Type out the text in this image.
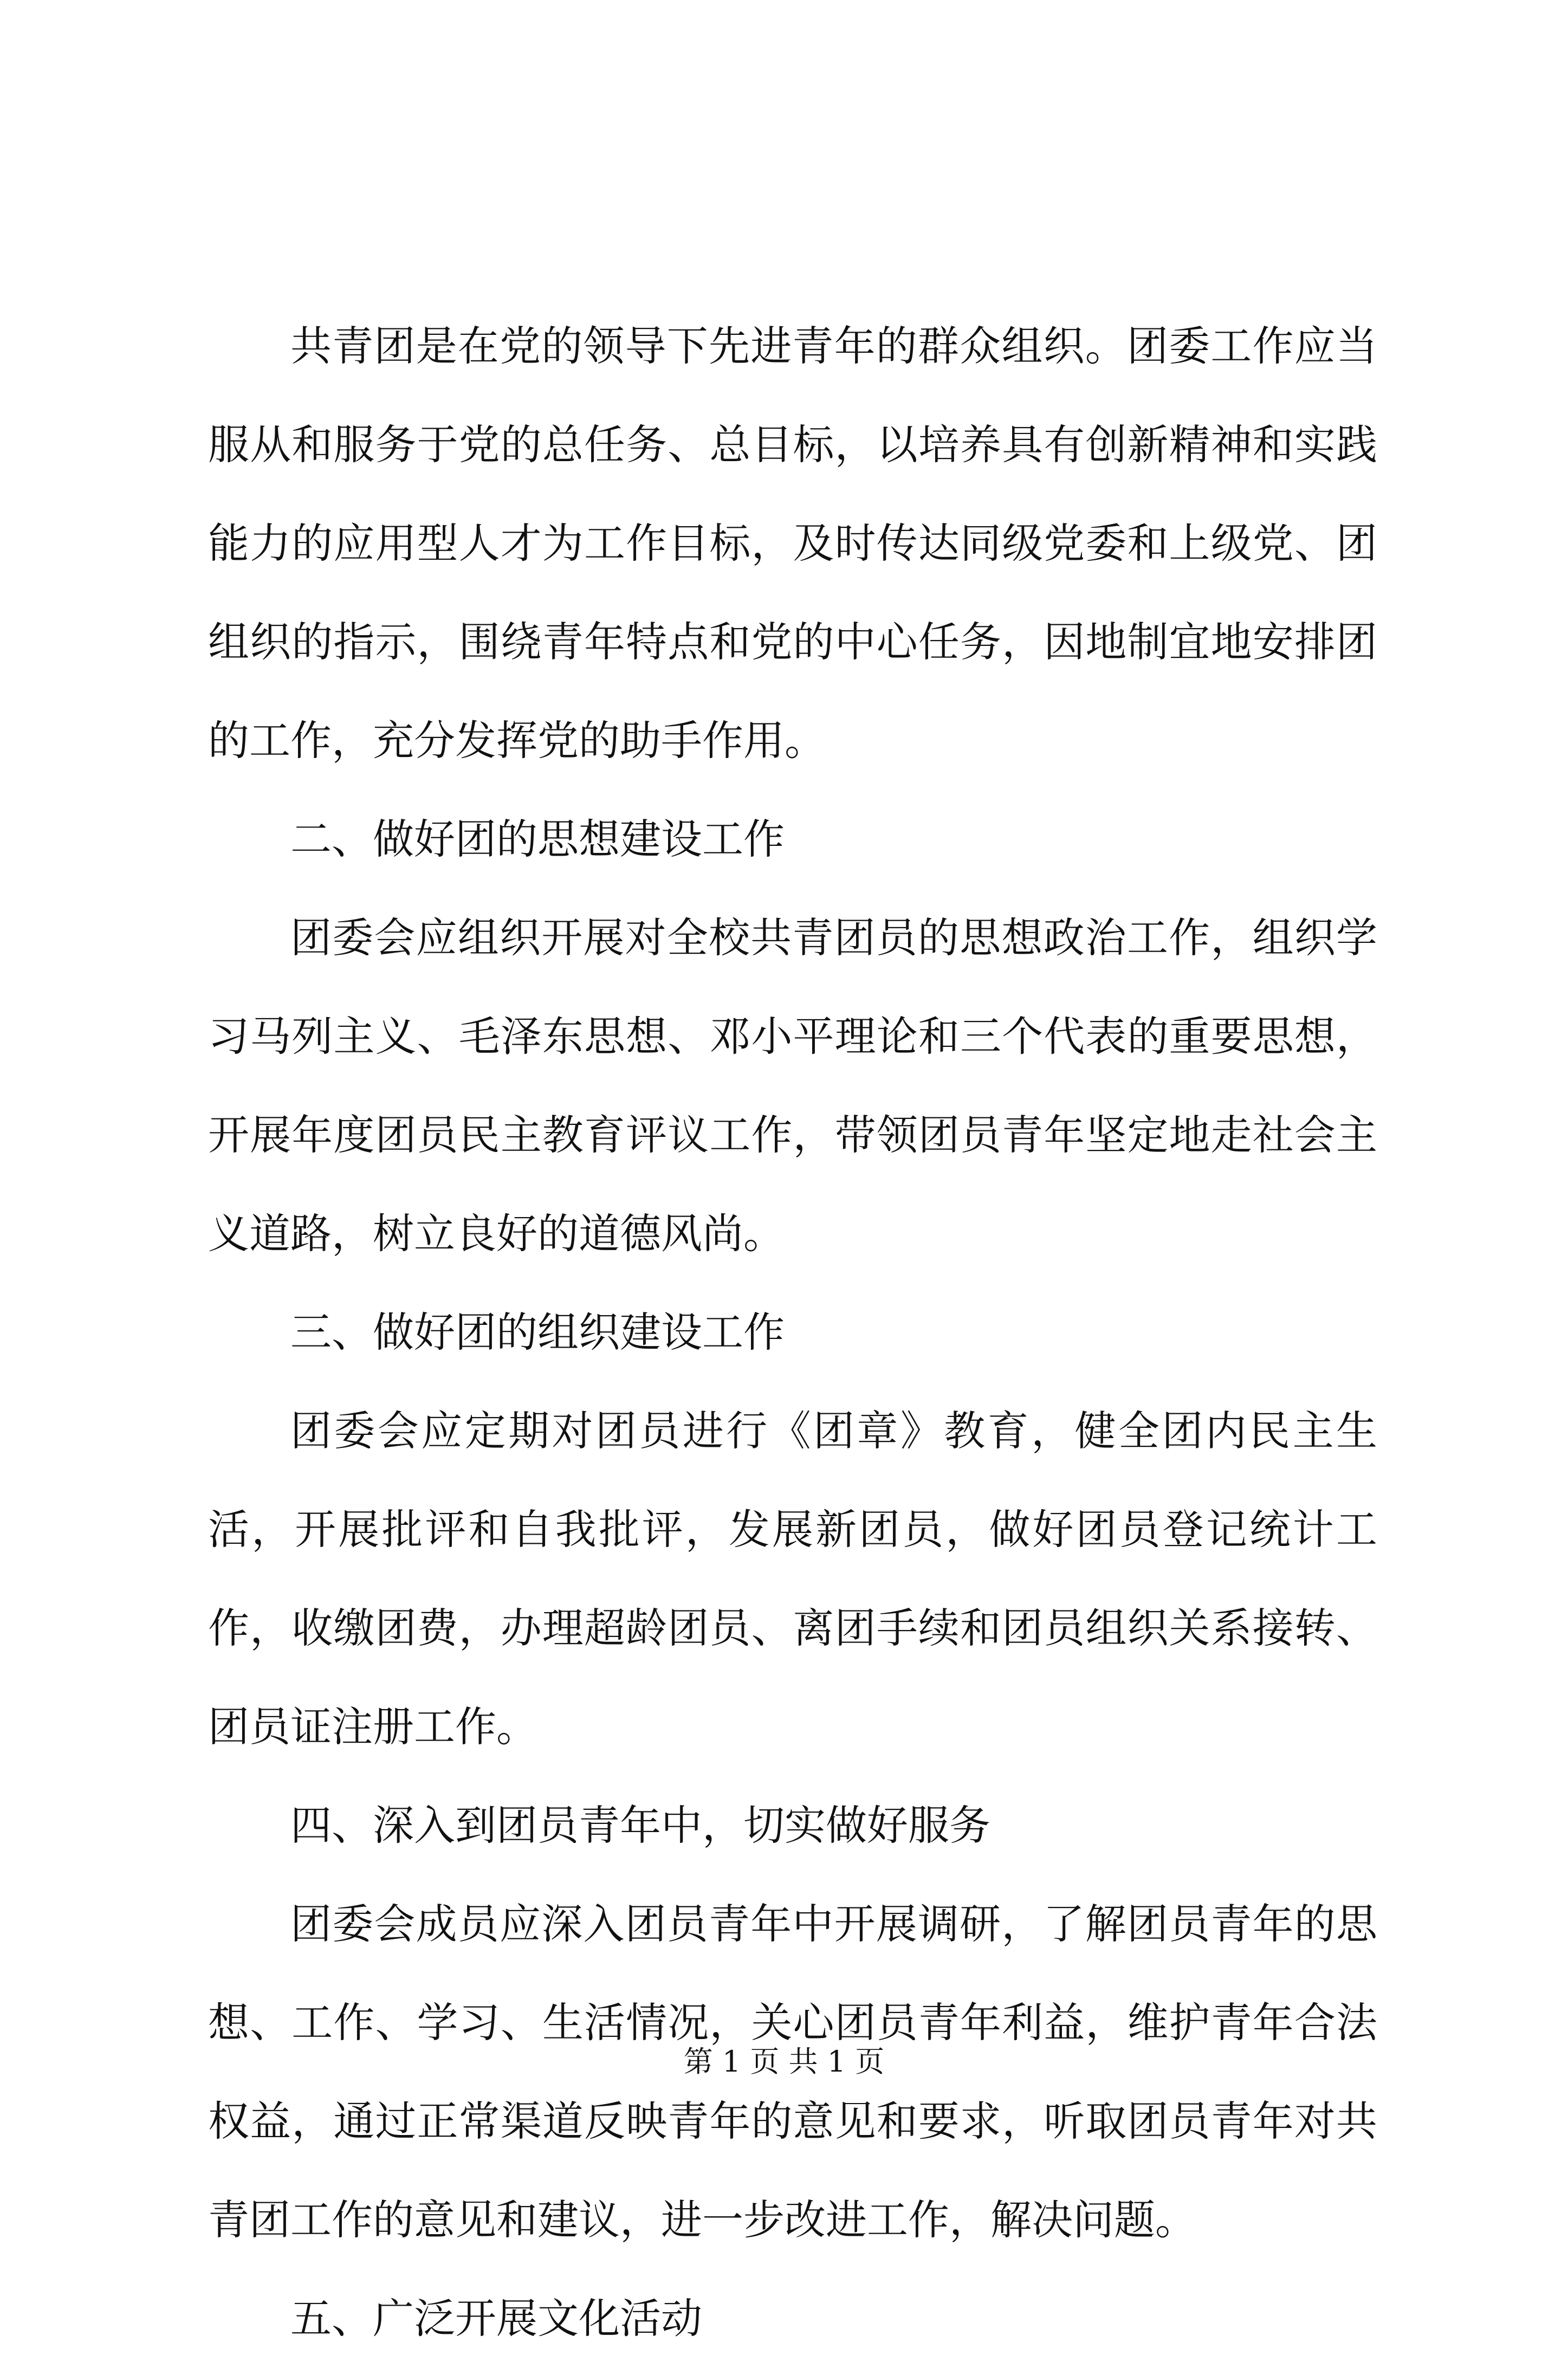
共青团是在党的领导下先进青年的群众组织。团委工作应当服从和服务于党的总任务、总目标，以培养具有创新精神和实践能力的应用型人才为工作目标，及时传达同级党委和上级党、团组织的指示，围绕青年特点和党的中心任务，因地制宜地安排团的工作，充分发挥党的助手作用。

二、做好团的思想建设工作

团委会应组织开展对全校共青团员的思想政治工作，组织学习马列主义、毛泽东思想、邓小平理论和三个代表的重要思想，开展年度团员民主教育评议工作，带领团员青年坚定地走社会主义道路，树立良好的道德风尚。

三、做好团的组织建设工作

团委会应定期对团员进行《团章》教育，健全团内民主生活，开展批评和自我批评，发展新团员，做好团员登记统计工作，收缴团费，办理超龄团员、离团手续和团员组织关系接转、团员证注册工作。

四、深入到团员青年中，切实做好服务

团委会成员应深入团员青年中开展调研，了解团员青年的思想、工作、学习、生活情况，关心团员青年利益，维护青年合法权益，通过正常渠道反映青年的意见和要求，听取团员青年对共青团工作的意见和建议，进一步改进工作，解决问题。

五、广泛开展文化活动

第 1 页 共 1 页
